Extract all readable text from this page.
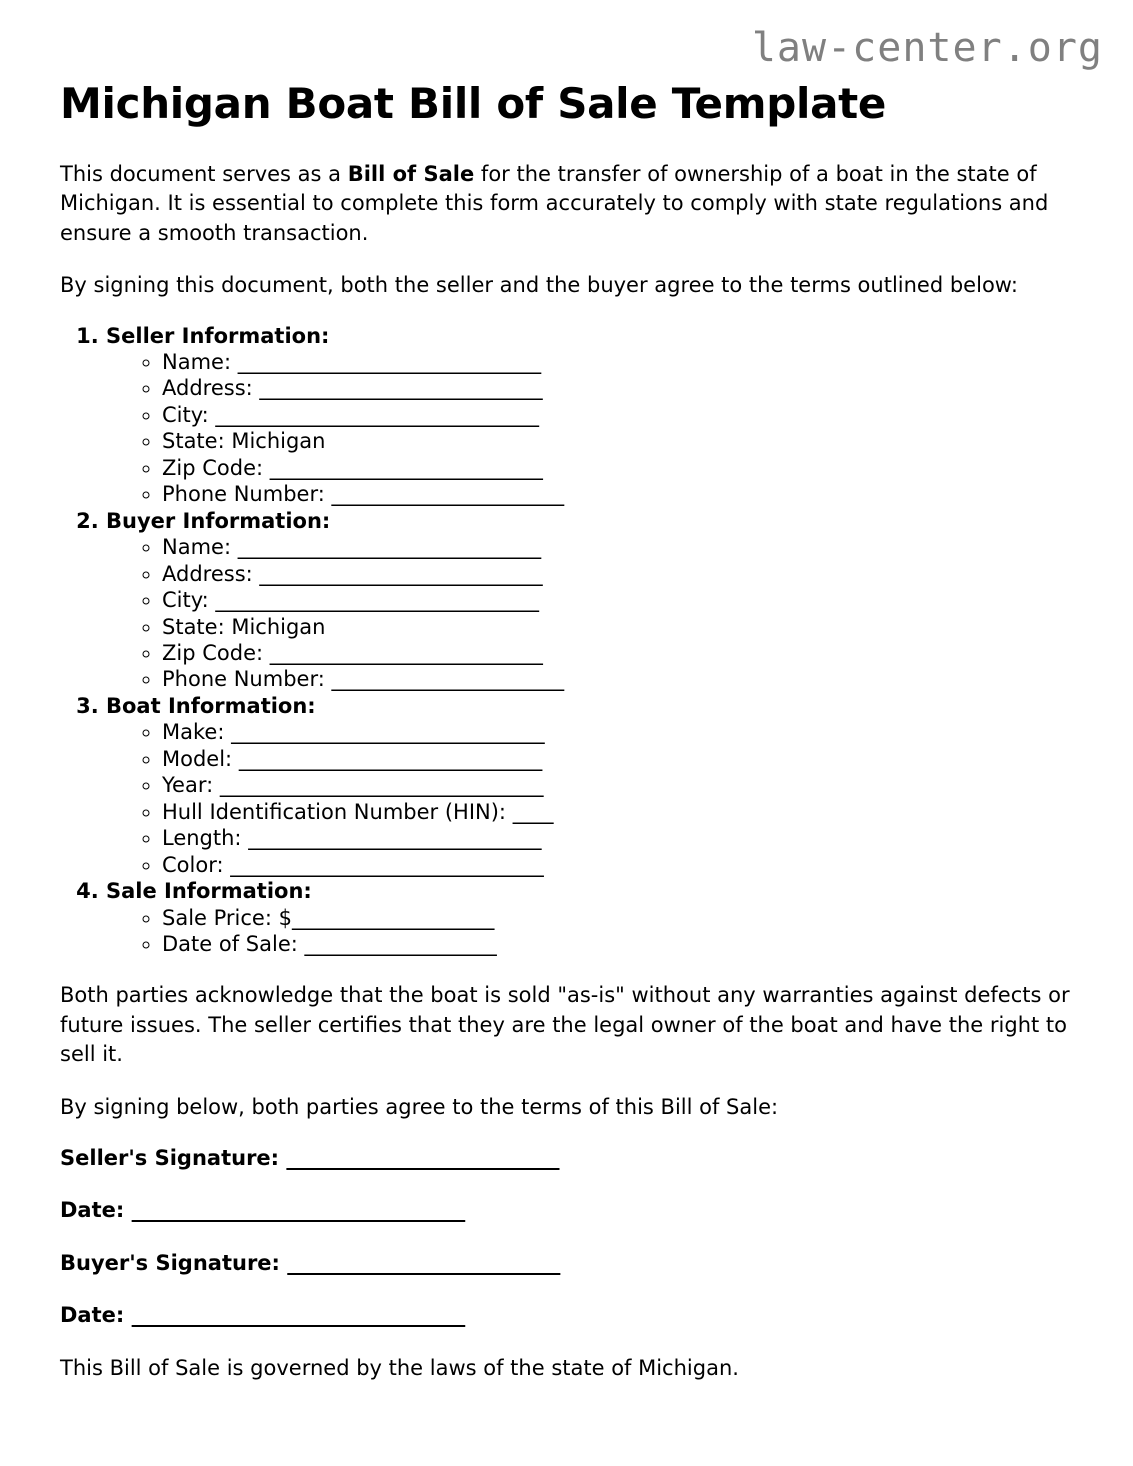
law-center.org
Michigan Boat Bill of Sale Template

This document serves as a Bill of Sale for the transfer of ownership of a boat in the state of Michigan. It is essential to complete this form accurately to comply with state regulations and ensure a smooth transaction.

By signing this document, both the seller and the buyer agree to the terms outlined below:

1. Seller Information:
◦ Name: ______________________________
◦ Address: ____________________________
◦ City: ________________________________
◦ State: Michigan
◦ Zip Code: ___________________________
◦ Phone Number: _______________________
2. Buyer Information:
◦ Name: ______________________________
◦ Address: ____________________________
◦ City: ________________________________
◦ State: Michigan
◦ Zip Code: ___________________________
◦ Phone Number: _______________________
3. Boat Information:
◦ Make: _______________________________
◦ Model: ______________________________
◦ Year: ________________________________
◦ Hull Identification Number (HIN): ____
◦ Length: _____________________________
◦ Color: _______________________________
4. Sale Information:
◦ Sale Price: $____________________
◦ Date of Sale: ___________________

Both parties acknowledge that the boat is sold "as-is" without any warranties against defects or future issues. The seller certifies that they are the legal owner of the boat and have the right to sell it.

By signing below, both parties agree to the terms of this Bill of Sale:

Seller's Signature: ___________________________

Date: _________________________________

Buyer's Signature: ___________________________

Date: _________________________________

This Bill of Sale is governed by the laws of the state of Michigan.
